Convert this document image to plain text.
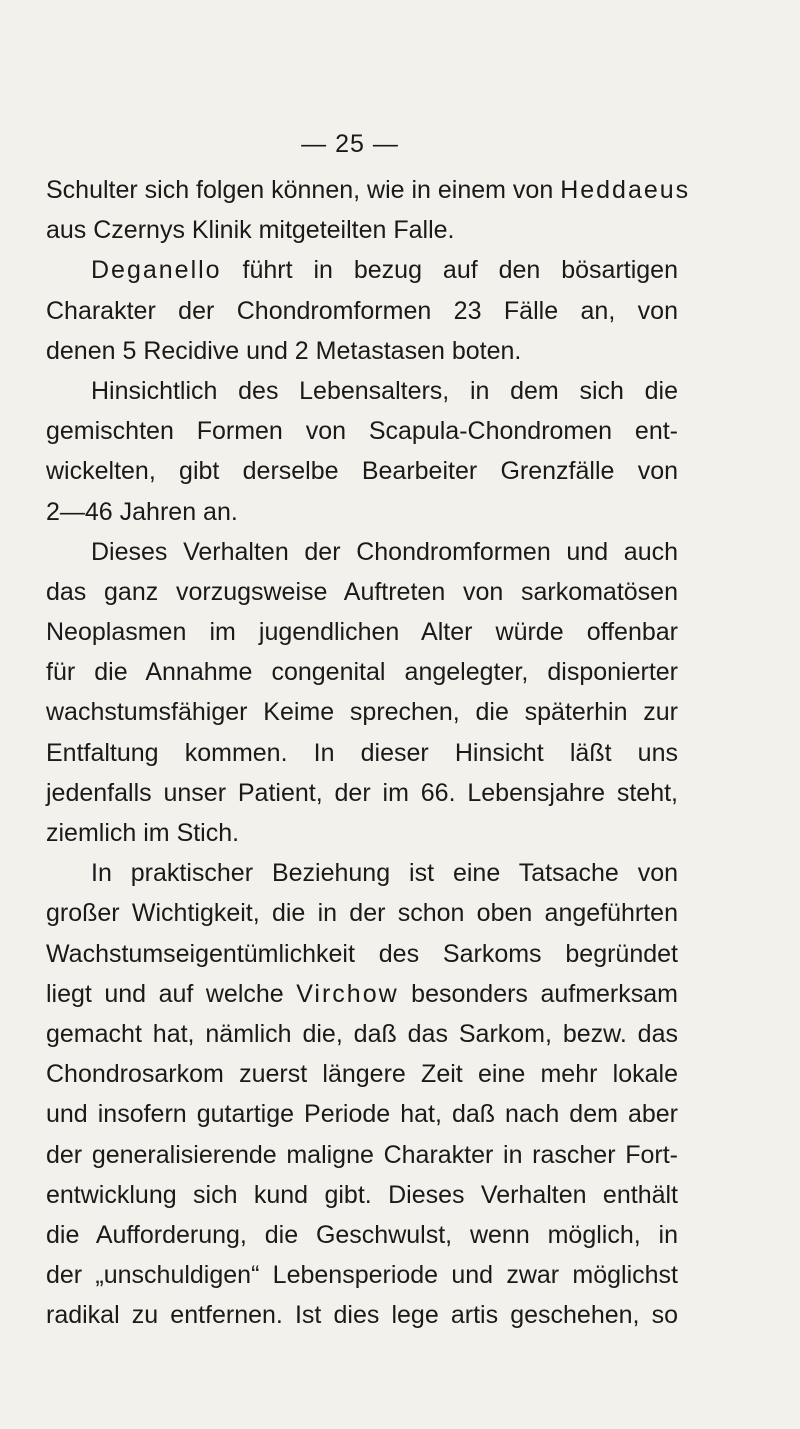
— 25 —
Schulter sich folgen können, wie in einem von Heddaeus
aus Czernys Klinik mitgeteilten Falle.
Deganello führt in bezug auf den bösartigen
Charakter der Chondromformen 23 Fälle an, von
denen 5 Recidive und 2 Metastasen boten.
Hinsichtlich des Lebensalters, in dem sich die
gemischten Formen von Scapula-Chondromen ent-
wickelten, gibt derselbe Bearbeiter Grenzfälle von
2—46 Jahren an.
Dieses Verhalten der Chondromformen und auch
das ganz vorzugsweise Auftreten von sarkomatösen
Neoplasmen im jugendlichen Alter würde offenbar
für die Annahme congenital angelegter, disponierter
wachstumsfähiger Keime sprechen, die späterhin zur
Entfaltung kommen. In dieser Hinsicht läßt uns
jedenfalls unser Patient, der im 66. Lebensjahre steht,
ziemlich im Stich.
In praktischer Beziehung ist eine Tatsache von
großer Wichtigkeit, die in der schon oben angeführten
Wachstumseigentümlichkeit des Sarkoms begründet
liegt und auf welche Virchow besonders aufmerksam
gemacht hat, nämlich die, daß das Sarkom, bezw. das
Chondrosarkom zuerst längere Zeit eine mehr lokale
und insofern gutartige Periode hat, daß nach dem aber
der generalisierende maligne Charakter in rascher Fort-
entwicklung sich kund gibt. Dieses Verhalten enthält
die Aufforderung, die Geschwulst, wenn möglich, in
der „unschuldigen“ Lebensperiode und zwar möglichst
radikal zu entfernen. Ist dies lege artis geschehen, so
